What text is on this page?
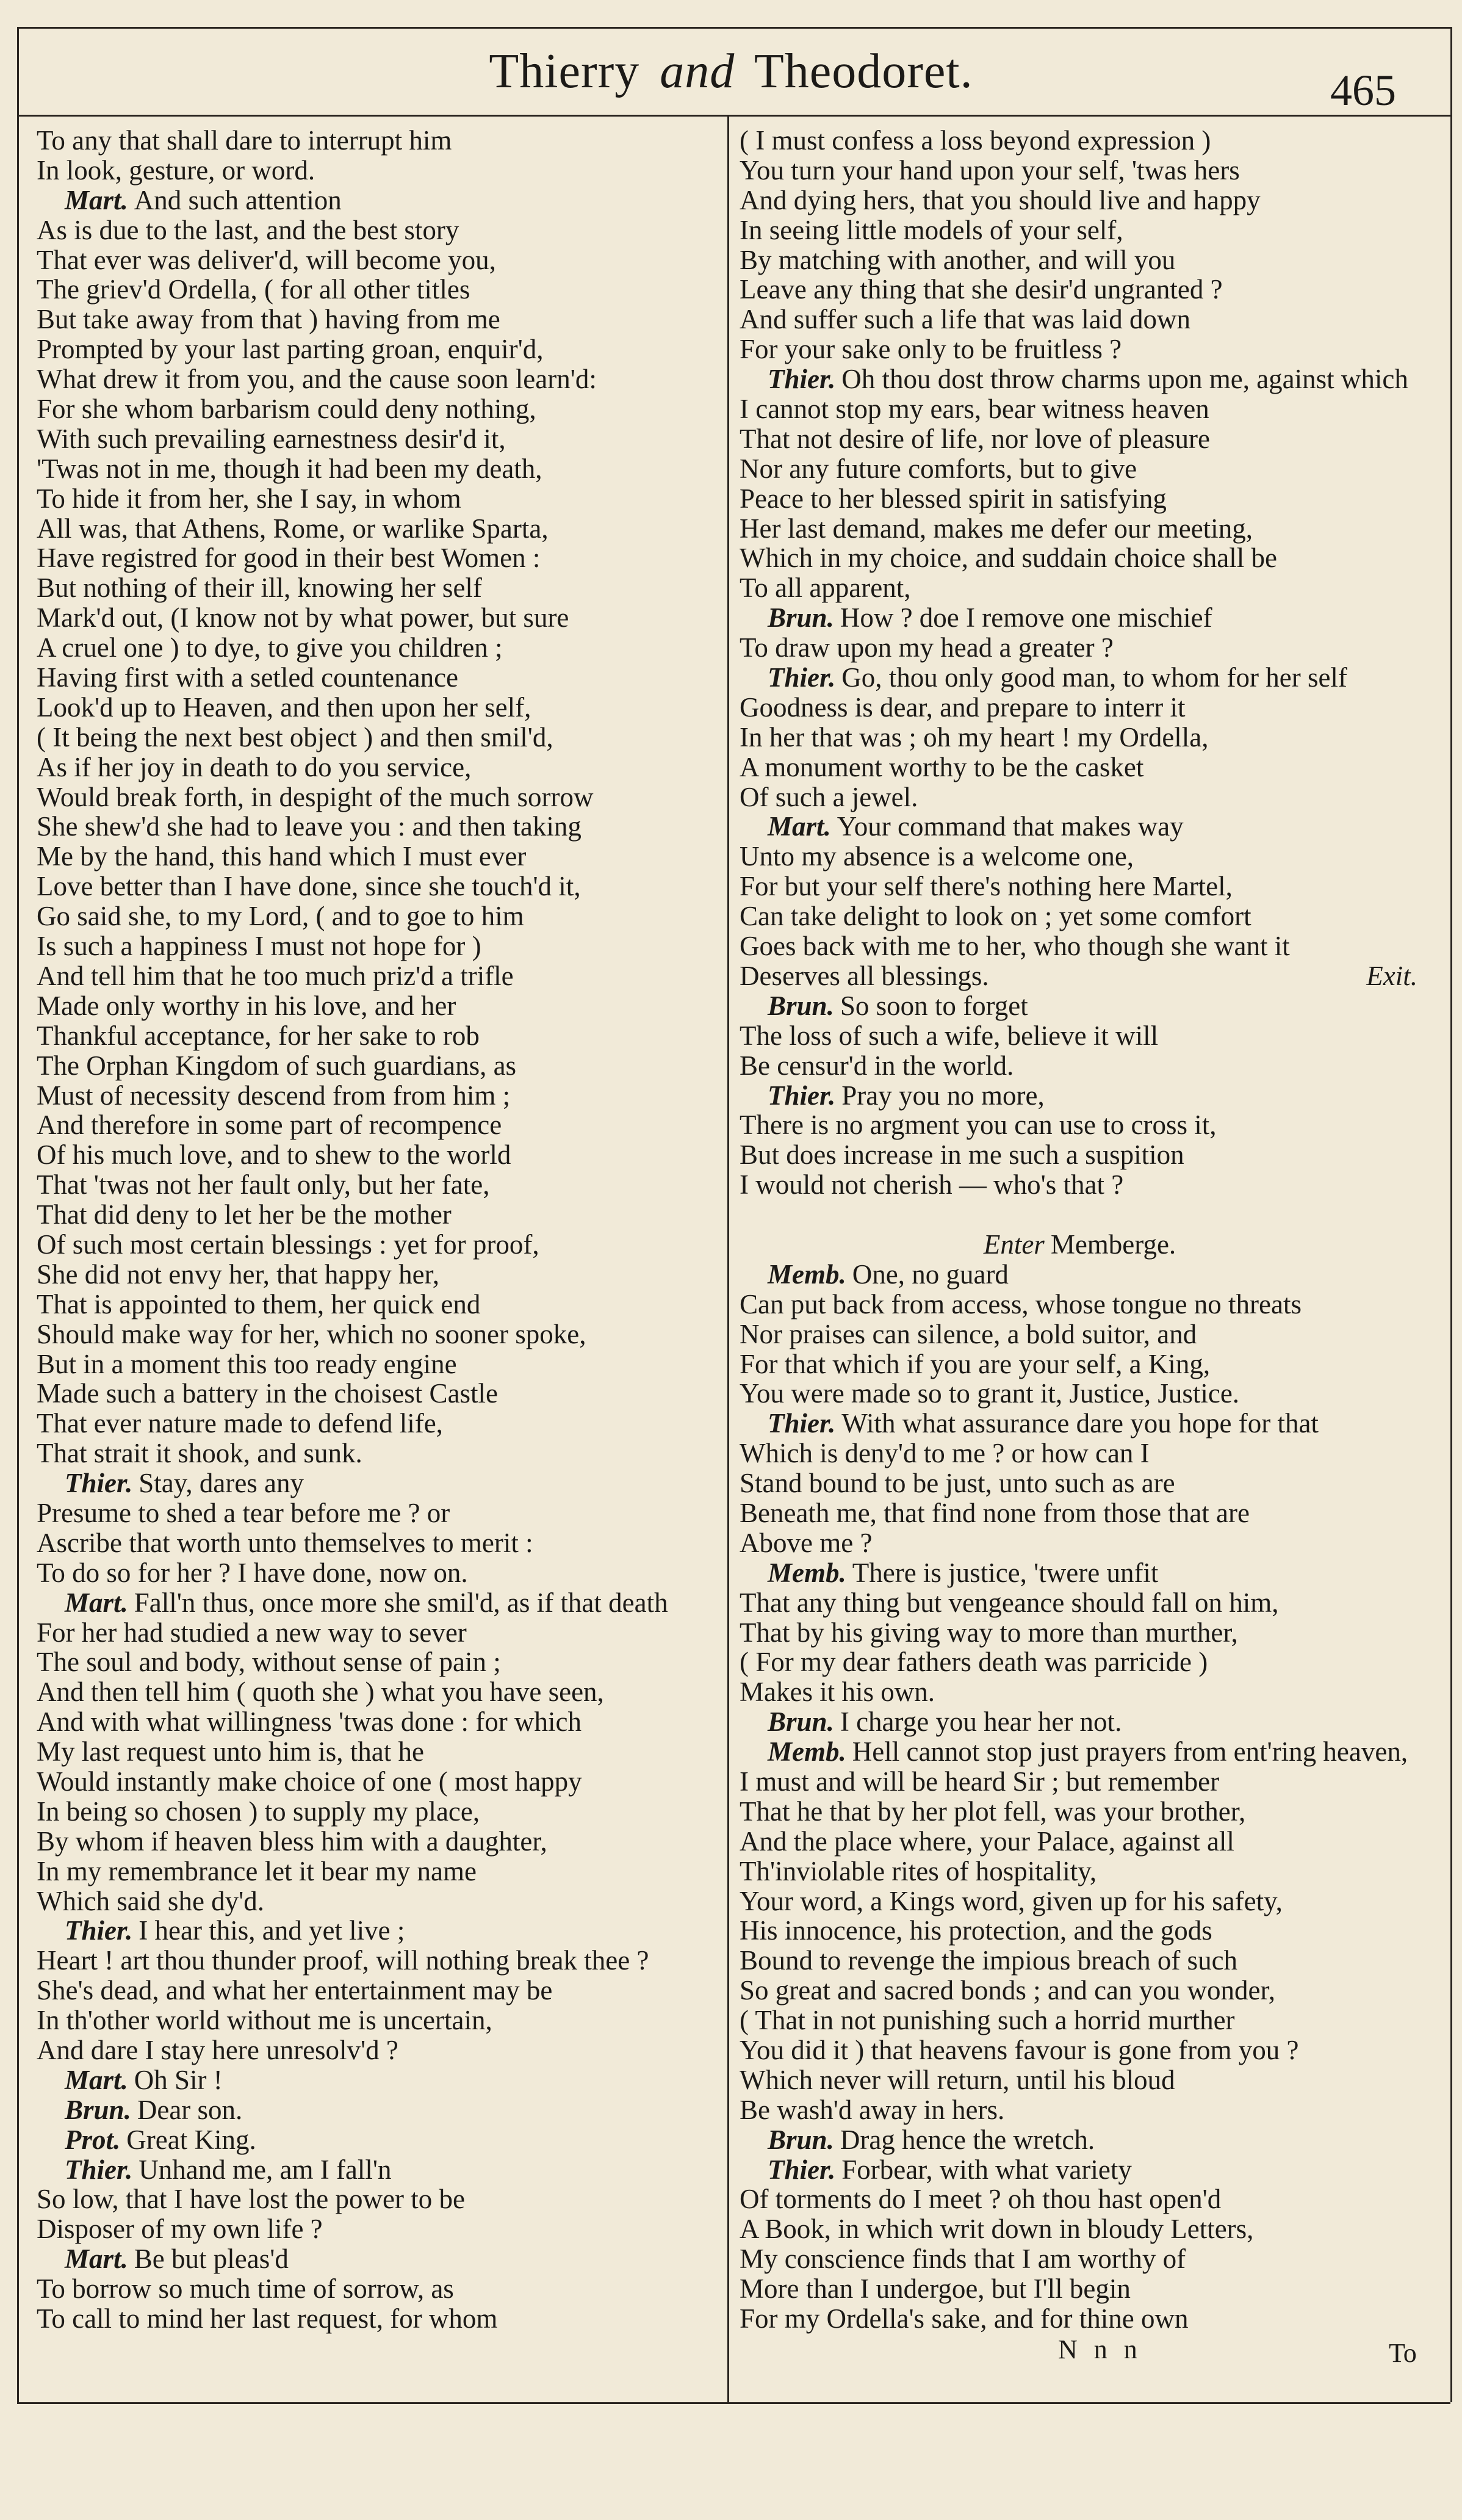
Thierry and Theodoret.	465
To any that shall dare to interrupt him
In look, gesture, or word.
Mart. And such attention
As is due to the last, and the best story
That ever was deliver'd, will become you,
The griev'd Ordella, ( for all other titles
But take away from that ) having from me
Prompted by your last parting groan, enquir'd,
What drew it from you, and the cause soon learn'd:
For she whom barbarism could deny nothing,
With such prevailing earnestness desir'd it,
'Twas not in me, though it had been my death,
To hide it from her, she I say, in whom
All was, that Athens, Rome, or warlike Sparta,
Have registred for good in their best Women :
But nothing of their ill, knowing her self
Mark'd out, (I know not by what power, but sure
A cruel one ) to dye, to give you children ;
Having first with a setled countenance
Look'd up to Heaven, and then upon her self,
( It being the next best object ) and then smil'd,
As if her joy in death to do you service,
Would break forth, in despight of the much sorrow
She shew'd she had to leave you : and then taking
Me by the hand, this hand which I must ever
Love better than I have done, since she touch'd it,
Go said she, to my Lord, ( and to goe to him
Is such a happiness I must not hope for )
And tell him that he too much priz'd a trifle
Made only worthy in his love, and her
Thankful acceptance, for her sake to rob
The Orphan Kingdom of such guardians, as
Must of necessity descend from from him ;
And therefore in some part of recompence
Of his much love, and to shew to the world
That 'twas not her fault only, but her fate,
That did deny to let her be the mother
Of such most certain blessings : yet for proof,
She did not envy her, that happy her,
That is appointed to them, her quick end
Should make way for her, which no sooner spoke,
But in a moment this too ready engine
Made such a battery in the choisest Castle
That ever nature made to defend life,
That strait it shook, and sunk.
Thier. Stay, dares any
Presume to shed a tear before me ? or
Ascribe that worth unto themselves to merit :
To do so for her ? I have done, now on.
Mart. Fall'n thus, once more she smil'd, as if that death
For her had studied a new way to sever
The soul and body, without sense of pain ;
And then tell him ( quoth she ) what you have seen,
And with what willingness 'twas done : for which
My last request unto him is, that he
Would instantly make choice of one ( most happy
In being so chosen ) to supply my place,
By whom if heaven bless him with a daughter,
In my remembrance let it bear my name
Which said she dy'd.
Thier. I hear this, and yet live ;
Heart ! art thou thunder proof, will nothing break thee ?
She's dead, and what her entertainment may be
In th'other world without me is uncertain,
And dare I stay here unresolv'd ?
Mart. Oh Sir !
Brun. Dear son.
Prot. Great King.
Thier. Unhand me, am I fall'n
So low, that I have lost the power to be
Disposer of my own life ?
Mart. Be but pleas'd
To borrow so much time of sorrow, as
To call to mind her last request, for whom
( I must confess a loss beyond expression )
You turn your hand upon your self, 'twas hers
And dying hers, that you should live and happy
In seeing little models of your self,
By matching with another, and will you
Leave any thing that she desir'd ungranted ?
And suffer such a life that was laid down
For your sake only to be fruitless ?
Thier. Oh thou dost throw charms upon me, against which
I cannot stop my ears, bear witness heaven
That not desire of life, nor love of pleasure
Nor any future comforts, but to give
Peace to her blessed spirit in satisfying
Her last demand, makes me defer our meeting,
Which in my choice, and suddain choice shall be
To all apparent,
Brun. How ? doe I remove one mischief
To draw upon my head a greater ?
Thier. Go, thou only good man, to whom for her self
Goodness is dear, and prepare to interr it
In her that was ; oh my heart ! my Ordella,
A monument worthy to be the casket
Of such a jewel.
Mart. Your command that makes way
Unto my absence is a welcome one,
For but your self there's nothing here Martel,
Can take delight to look on ; yet some comfort
Goes back with me to her, who though she want it
Deserves all blessings.	Exit.
Brun. So soon to forget
The loss of such a wife, believe it will
Be censur'd in the world.
Thier. Pray you no more,
There is no argment you can use to cross it,
But does increase in me such a suspition
I would not cherish — who's that ?
Enter Memberge.
Memb. One, no guard
Can put back from access, whose tongue no threats
Nor praises can silence, a bold suitor, and
For that which if you are your self, a King,
You were made so to grant it, Justice, Justice.
Thier. With what assurance dare you hope for that
Which is deny'd to me ? or how can I
Stand bound to be just, unto such as are
Beneath me, that find none from those that are
Above me ?
Memb. There is justice, 'twere unfit
That any thing but vengeance should fall on him,
That by his giving way to more than murther,
( For my dear fathers death was parricide )
Makes it his own.
Brun. I charge you hear her not.
Memb. Hell cannot stop just prayers from ent'ring heaven,
I must and will be heard Sir ; but remember
That he that by her plot fell, was your brother,
And the place where, your Palace, against all
Th'inviolable rites of hospitality,
Your word, a Kings word, given up for his safety,
His innocence, his protection, and the gods
Bound to revenge the impious breach of such
So great and sacred bonds ; and can you wonder,
( That in not punishing such a horrid murther
You did it ) that heavens favour is gone from you ?
Which never will return, until his bloud
Be wash'd away in hers.
Brun. Drag hence the wretch.
Thier. Forbear, with what variety
Of torments do I meet ? oh thou hast open'd
A Book, in which writ down in bloudy Letters,
My conscience finds that I am worthy of
More than I undergoe, but I'll begin
For my Ordella's sake, and for thine own
N n n	To
